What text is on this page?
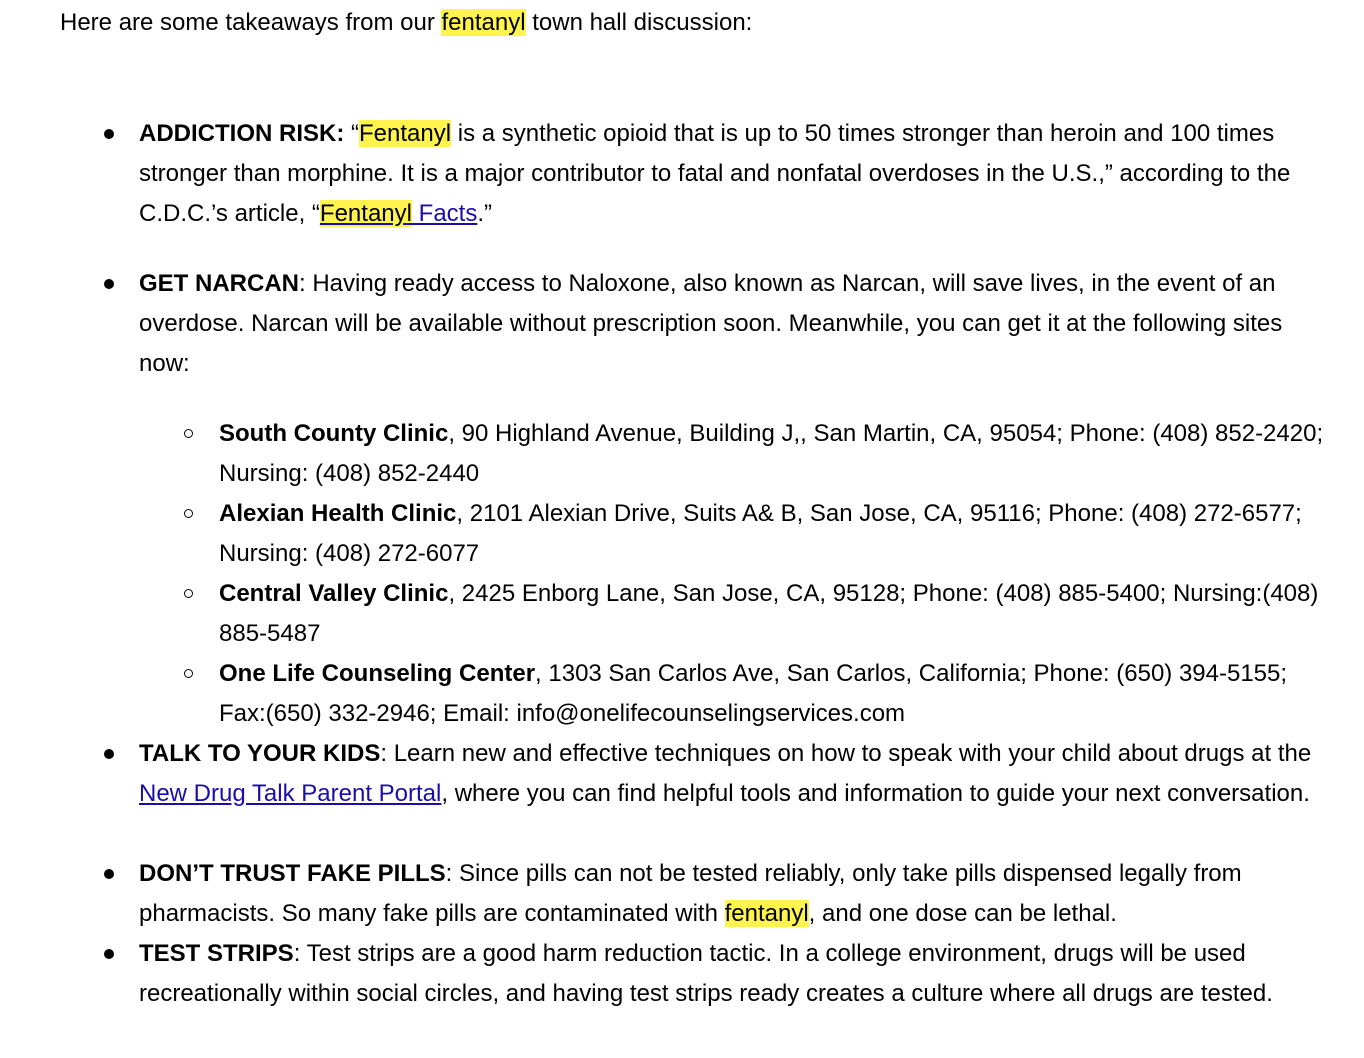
Here are some takeaways from our fentanyl town hall discussion:
ADDICTION RISK: “Fentanyl is a synthetic opioid that is up to 50 times stronger than heroin and 100 times stronger than morphine. It is a major contributor to fatal and nonfatal overdoses in the U.S.,” according to the C.D.C.’s article, “Fentanyl Facts.”
GET NARCAN: Having ready access to Naloxone, also known as Narcan, will save lives, in the event of an overdose. Narcan will be available without prescription soon. Meanwhile, you can get it at the following sites now:
South County Clinic, 90 Highland Avenue, Building J,, San Martin, CA, 95054; Phone: (408) 852-2420; Nursing: (408) 852-2440
Alexian Health Clinic, 2101 Alexian Drive, Suits A& B, San Jose, CA, 95116; Phone: (408) 272-6577; Nursing: (408) 272-6077
Central Valley Clinic, 2425 Enborg Lane, San Jose, CA, 95128; Phone: (408) 885-5400; Nursing:(408) 885-5487
One Life Counseling Center, 1303 San Carlos Ave, San Carlos, California; Phone: (650) 394-5155; Fax:(650) 332-2946; Email: info@onelifecounselingservices.com
TALK TO YOUR KIDS: Learn new and effective techniques on how to speak with your child about drugs at the New Drug Talk Parent Portal, where you can find helpful tools and information to guide your next conversation.
DON’T TRUST FAKE PILLS: Since pills can not be tested reliably, only take pills dispensed legally from pharmacists. So many fake pills are contaminated with fentanyl, and one dose can be lethal.
TEST STRIPS: Test strips are a good harm reduction tactic. In a college environment, drugs will be used recreationally within social circles, and having test strips ready creates a culture where all drugs are tested.
